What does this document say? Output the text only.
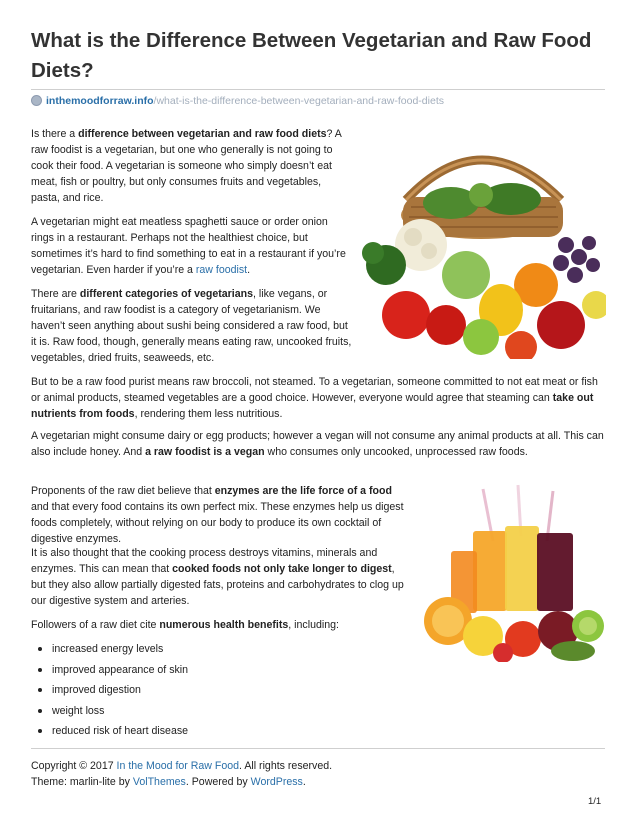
What is the Difference Between Vegetarian and Raw Food Diets?
inthemoodforraw.info/what-is-the-difference-between-vegetarian-and-raw-food-diets

Is there a difference between vegetarian and raw food diets? A raw foodist is a vegetarian, but one who generally is not going to cook their food. A vegetarian is someone who simply doesn’t eat meat, fish or poultry, but only consumes fruits and vegetables, pasta, and rice.

A vegetarian might eat meatless spaghetti sauce or order onion rings in a restaurant. Perhaps not the healthiest choice, but sometimes it’s hard to find something to eat in a restaurant if you’re vegetarian. Even harder if you’re a raw foodist.

There are different categories of vegetarians, like vegans, or fruitarians, and raw foodist is a category of vegetarianism. We haven’t seen anything about sushi being considered a raw food, but it is. Raw food, though, generally means eating raw, uncooked fruits, vegetables, dried fruits, seaweeds, etc.

But to be a raw food purist means raw broccoli, not steamed. To a vegetarian, someone committed to not eat meat or fish or animal products, steamed vegetables are a good choice. However, everyone would agree that steaming can take out nutrients from foods, rendering them less nutritious.

A vegetarian might consume dairy or egg products; however a vegan will not consume any animal products at all. This can also include honey. And a raw foodist is a vegan who consumes only uncooked, unprocessed raw foods.

Proponents of the raw diet believe that enzymes are the life force of a food and that every food contains its own perfect mix. These enzymes help us digest foods completely, without relying on our body to produce its own cocktail of digestive enzymes.

It is also thought that the cooking process destroys vitamins, minerals and enzymes. This can mean that cooked foods not only take longer to digest, but they also allow partially digested fats, proteins and carbohydrates to clog up our digestive system and arteries.

Followers of a raw diet cite numerous health benefits, including:

increased energy levels
improved appearance of skin
improved digestion
weight loss
reduced risk of heart disease

Copyright © 2017 In the Mood for Raw Food. All rights reserved.

Theme: marlin-lite by VolThemes. Powered by WordPress.

1/1
